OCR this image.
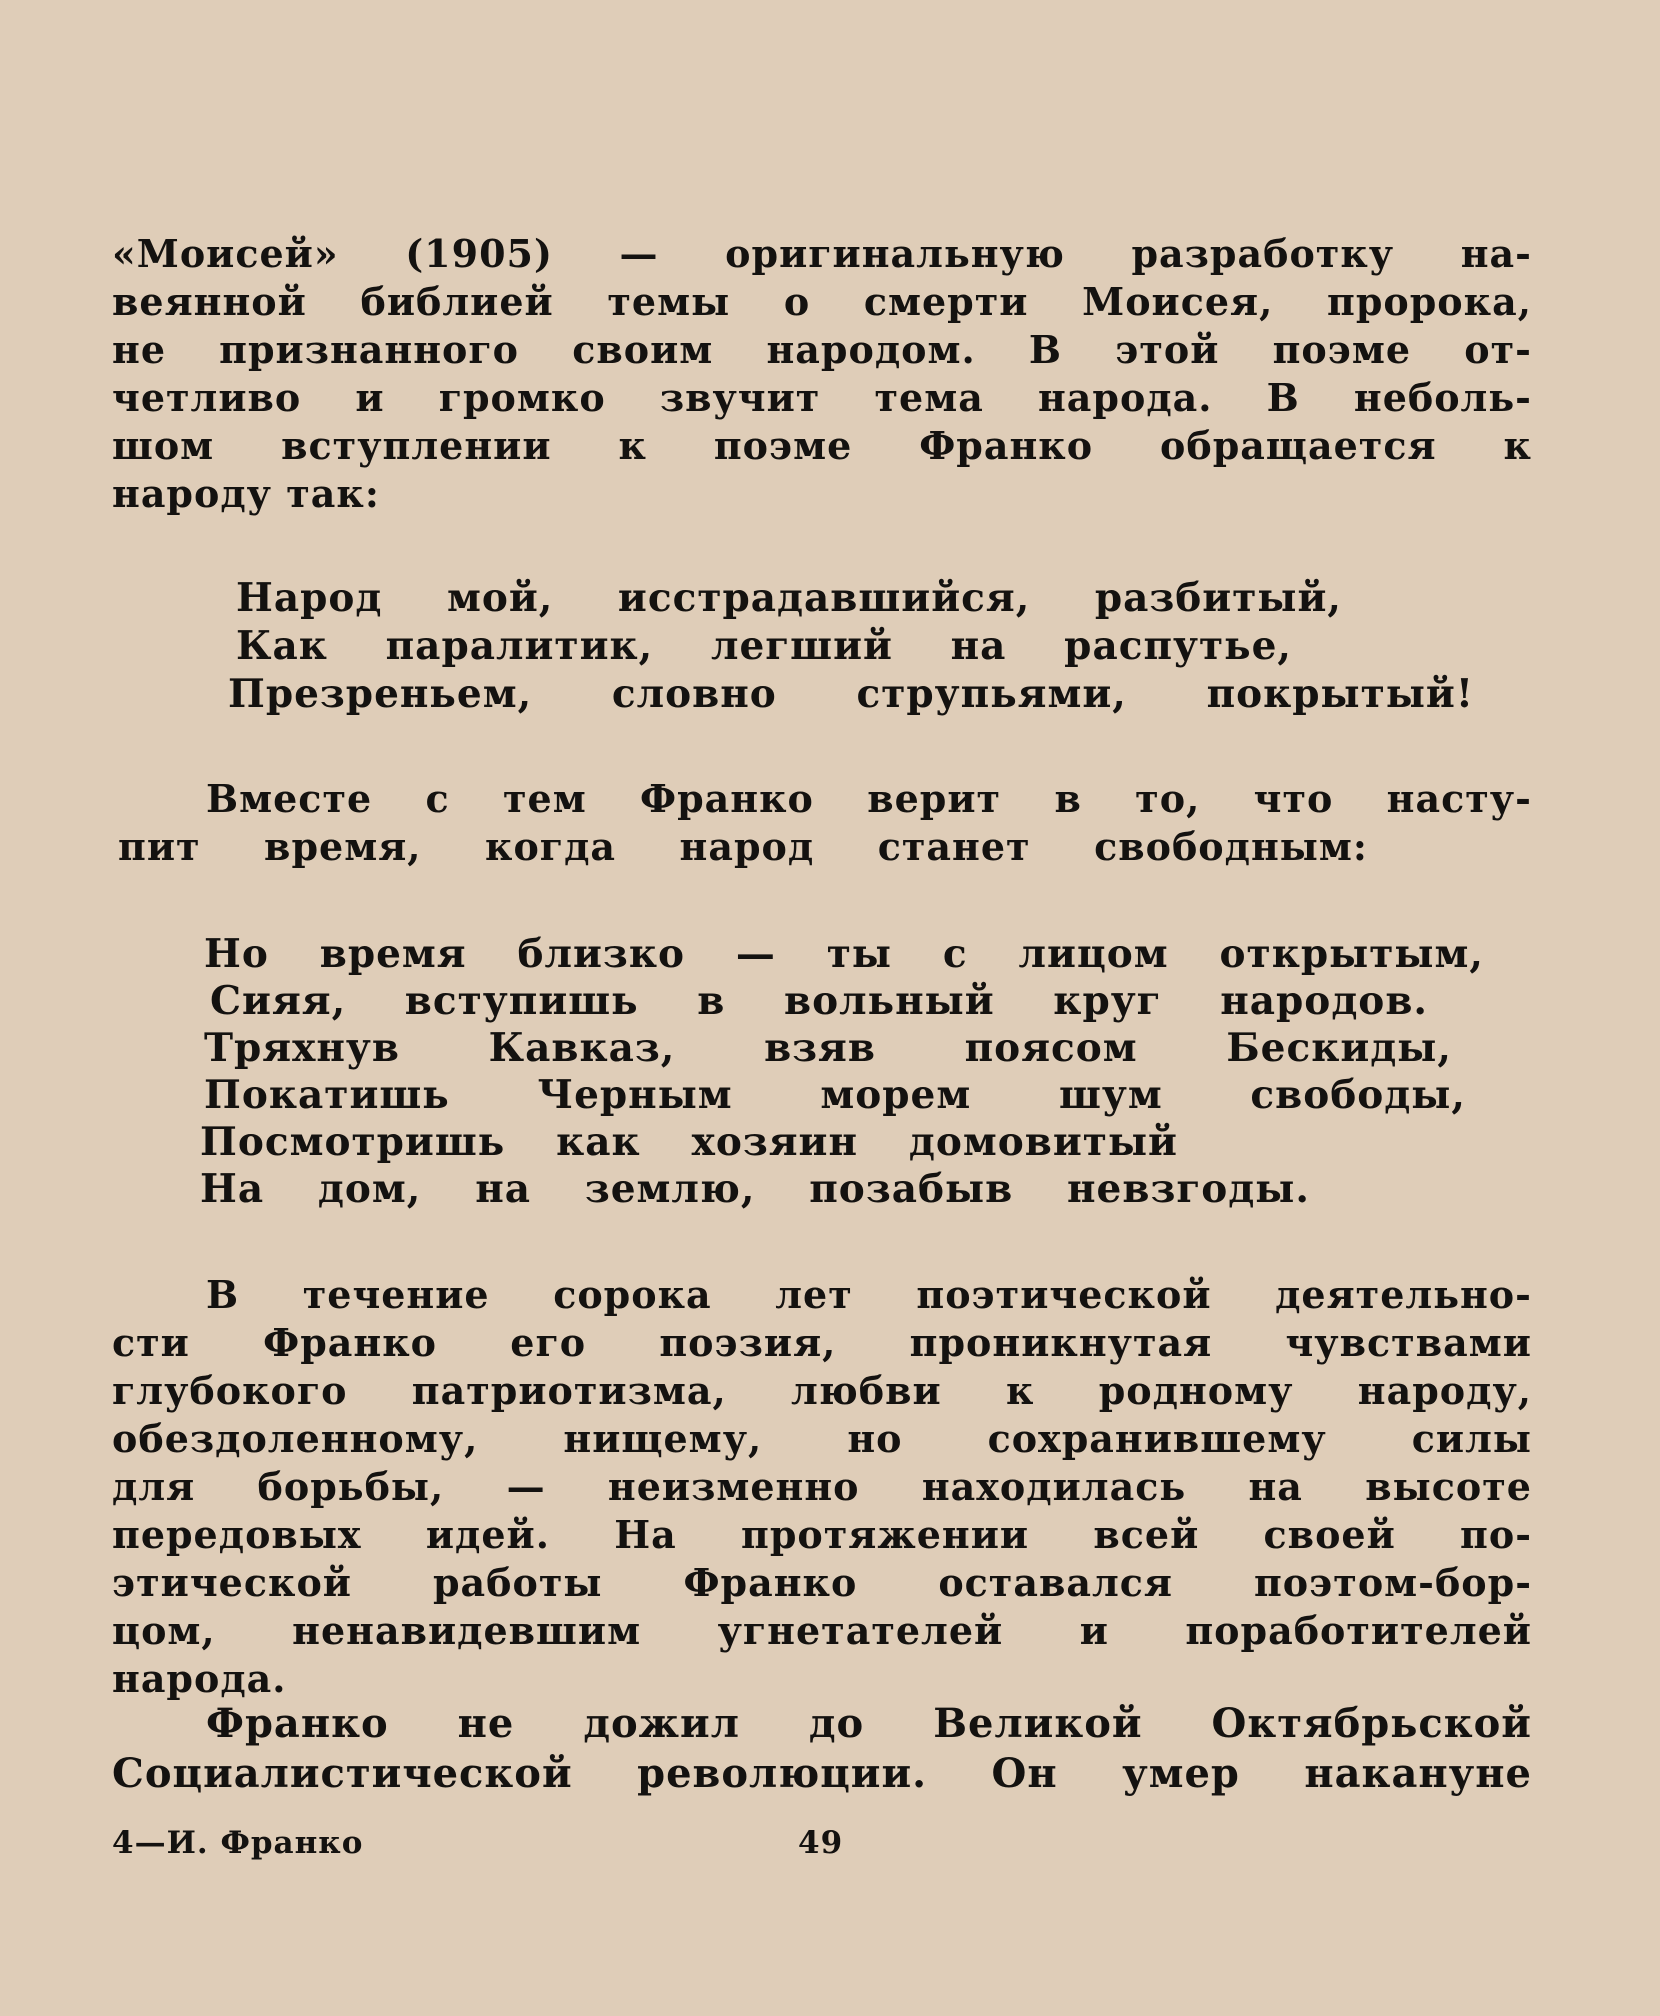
«Моисей» (1905) — оригинальную разработку на-
веянной библией темы о смерти Моисея, пророка,
не признанного своим народом. В этой поэме от-
четливо и громко звучит тема народа. В неболь-
шом вступлении к поэме Франко обращается к
народу так:
Народ мой, исстрадавшийся, разбитый,
Как паралитик, легший на распутье,
Презреньем, словно струпьями, покрытый!
Вместе с тем Франко верит в то, что насту-
пит время, когда народ станет свободным:
Но время близко — ты с лицом открытым,
Сияя, вступишь в вольный круг народов.
Тряхнув Кавказ, взяв поясом Бескиды,
Покатишь Черным морем шум свободы,
Посмотришь как хозяин домовитый
На дом, на землю, позабыв невзгоды.
В течение сорока лет поэтической деятельно-
сти Франко его поэзия, проникнутая чувствами
глубокого патриотизма, любви к родному народу,
обездоленному, нищему, но сохранившему силы
для борьбы, — неизменно находилась на высоте
передовых идей. На протяжении всей своей по-
этической работы Франко оставался поэтом-бор-
цом, ненавидевшим угнетателей и поработителей
народа.
Франко не дожил до Великой Октябрьской
Социалистической революции. Он умер накануне
4—И. Франко	49
